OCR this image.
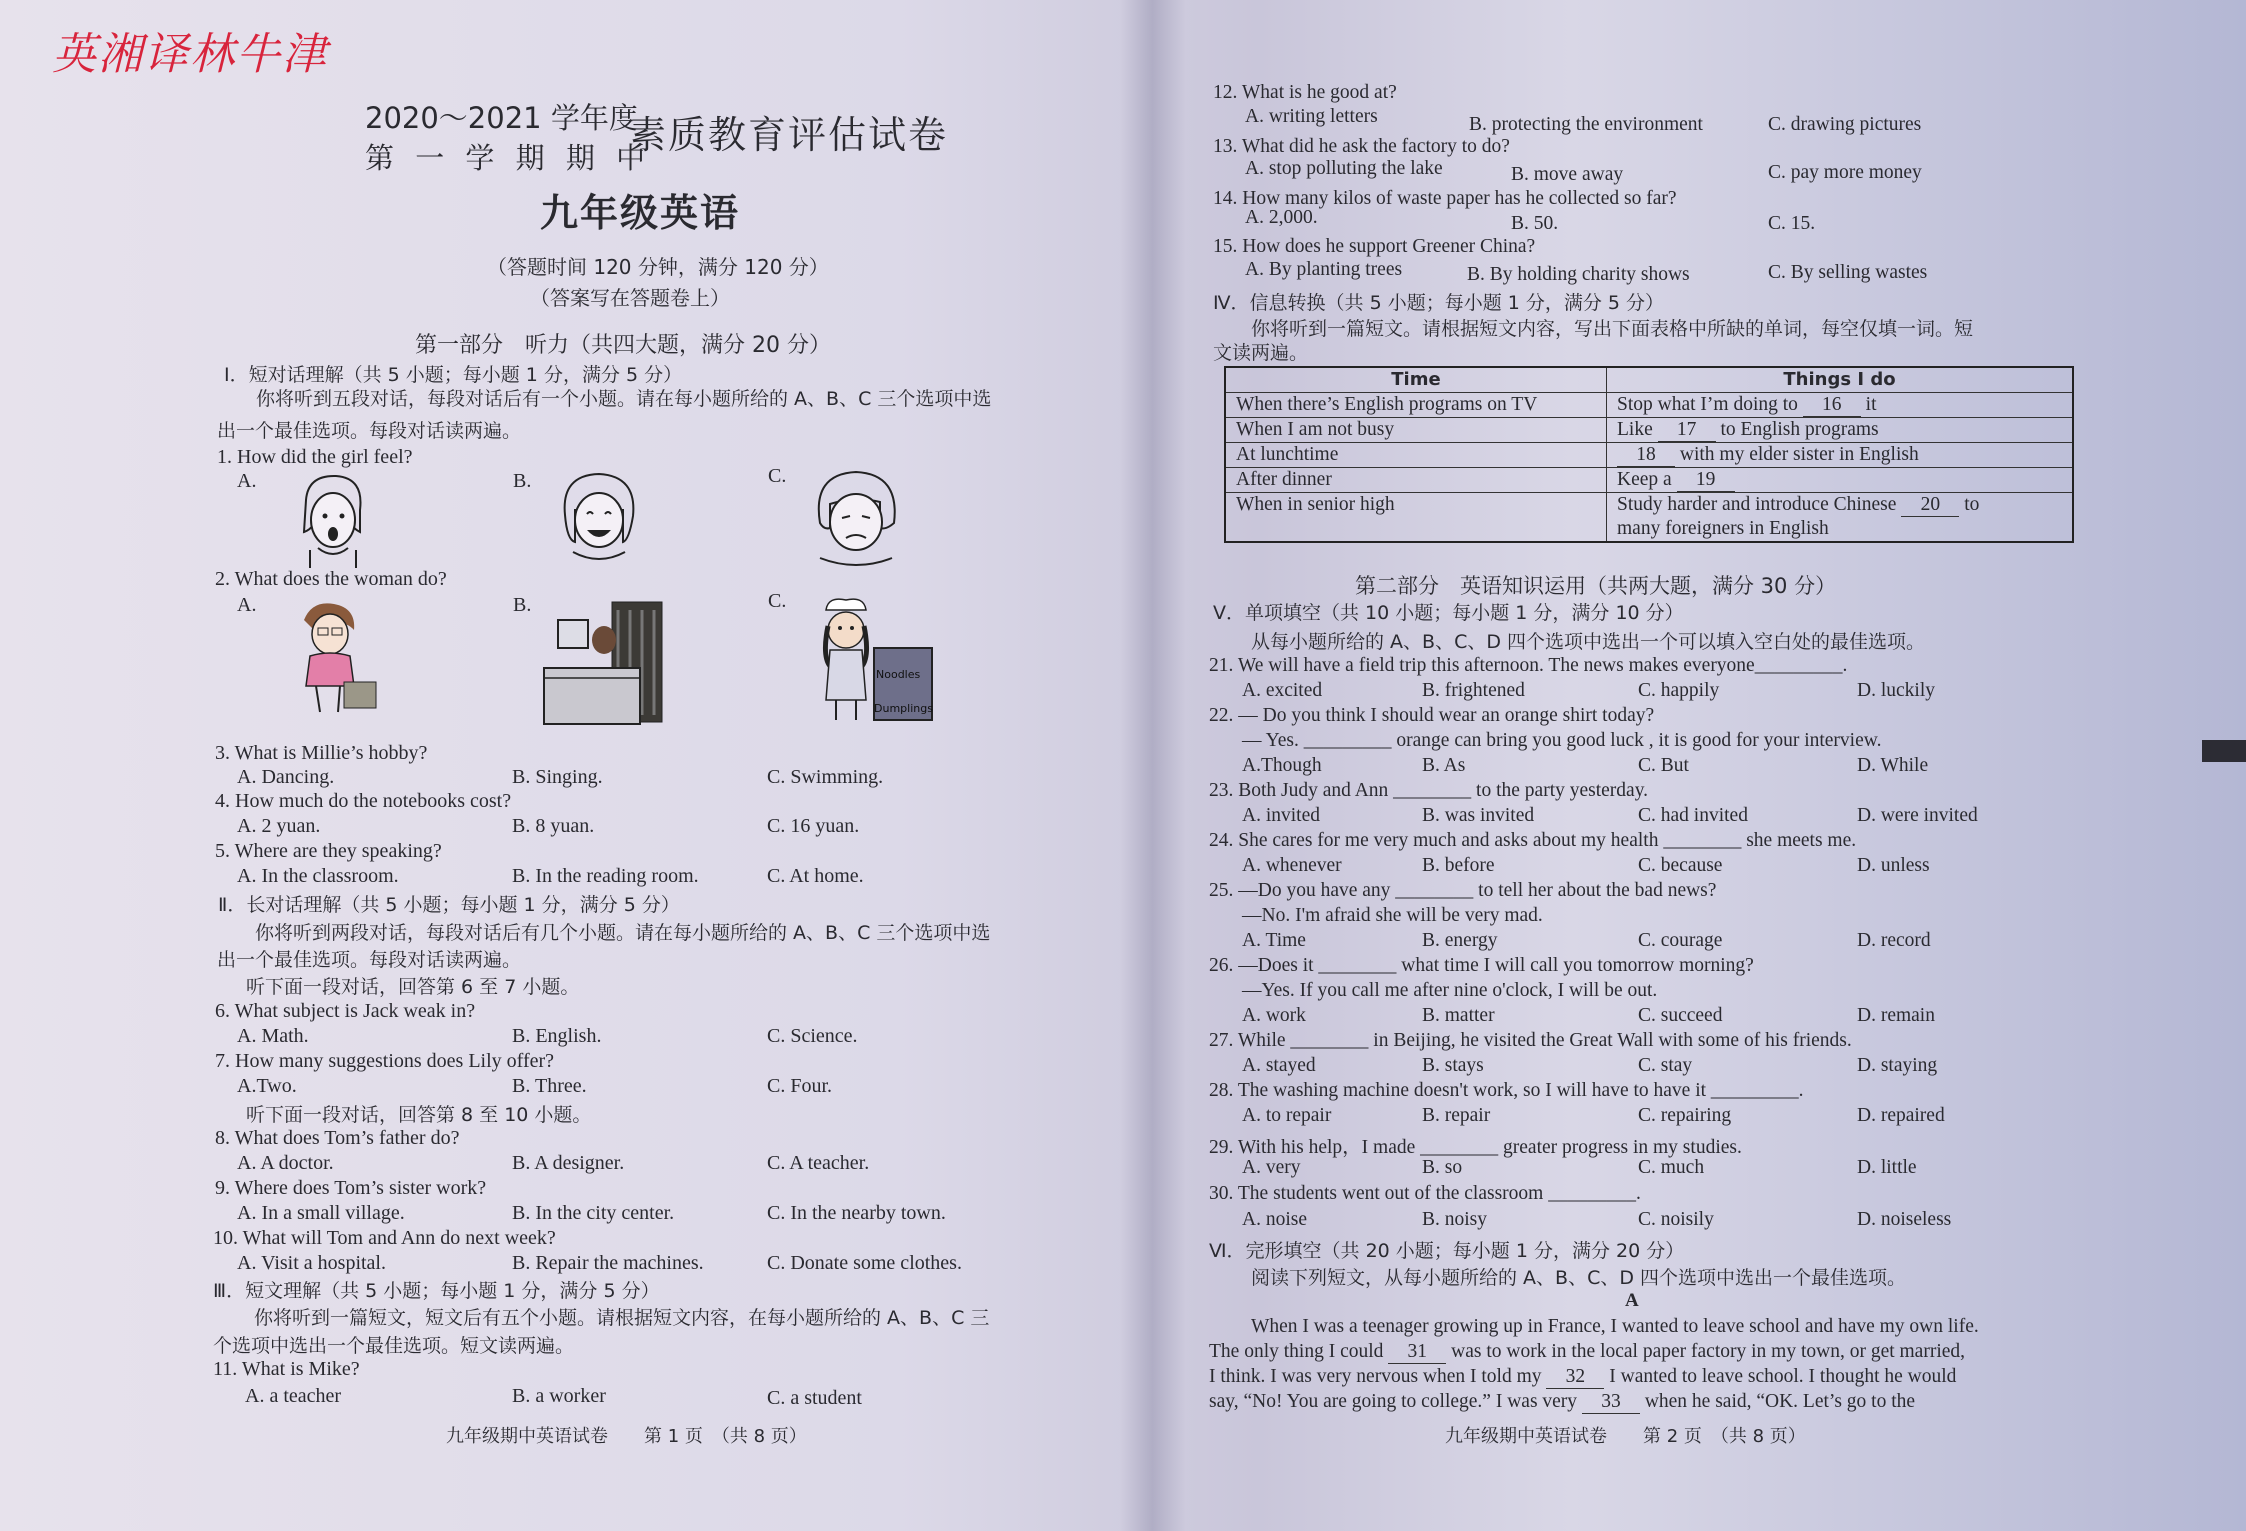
英湘译林牛津
2020～2021 学年度
第 一 学 期 期 中
素质教育评估试卷
九年级英语
（答题时间 120 分钟，满分 120 分）
（答案写在答题卷上）
第一部分　听力（共四大题，满分 20 分）
Ⅰ．短对话理解（共 5 小题；每小题 1 分，满分 5 分）
你将听到五段对话，每段对话后有一个小题。请在每小题所给的 A、B、C 三个选项中选
出一个最佳选项。每段对话读两遍。
1. How did the girl feel?
A.	B.	C.
2. What does the woman do?
A.	B.	C.
Noodles
Dumplings
3. What is Millie’s hobby?
A. Dancing.	B. Singing.	C. Swimming.
4. How much do the notebooks cost?
A. 2 yuan.	B. 8 yuan.	C. 16 yuan.
5. Where are they speaking?
A. In the classroom.	B. In the reading room.	C. At home.
Ⅱ．长对话理解（共 5 小题；每小题 1 分，满分 5 分）
你将听到两段对话，每段对话后有几个小题。请在每小题所给的 A、B、C 三个选项中选
出一个最佳选项。每段对话读两遍。
听下面一段对话，回答第 6 至 7 小题。
6. What subject is Jack weak in?
A. Math.	B. English.	C. Science.
7. How many suggestions does Lily offer?
A.Two.	B. Three.	C. Four.
听下面一段对话，回答第 8 至 10 小题。
8. What does Tom’s father do?
A. A doctor.	B. A designer.	C. A teacher.
9. Where does Tom’s sister work?
A. In a small village.	B. In the city center.	C. In the nearby town.
10. What will Tom and Ann do next week?
A. Visit a hospital.	B. Repair the machines.	C. Donate some clothes.
Ⅲ．短文理解（共 5 小题；每小题 1 分，满分 5 分）
你将听到一篇短文，短文后有五个小题。请根据短文内容，在每小题所给的 A、B、C 三
个选项中选出一个最佳选项。短文读两遍。
11. What is Mike?
A. a teacher	B. a worker	C. a student
九年级期中英语试卷　　第 1 页　（共 8 页）
12. What is he good at?
A. writing letters	B. protecting the environment	C. drawing pictures
13. What did he ask the factory to do?
A. stop polluting the lake	B. move away	C. pay more money
14. How many kilos of waste paper has he collected so far?
A. 2,000.	B. 50.	C. 15.
15. How does he support Greener China?
A. By planting trees	B. By holding charity shows	C. By selling wastes
Ⅳ．信息转换（共 5 小题；每小题 1 分，满分 5 分）
你将听到一篇短文。请根据短文内容，写出下面表格中所缺的单词，每空仅填一词。短
文读两遍。
Time	Things I do
When there’s English programs on TV	Stop what I’m doing to 16 it
When I am not busy	Like 17 to English programs
At lunchtime	18 with my elder sister in English
After dinner	Keep a 19
When in senior high	Study harder and introduce Chinese 20 to
many foreigners in English
第二部分　英语知识运用（共两大题，满分 30 分）
Ⅴ．单项填空（共 10 小题；每小题 1 分，满分 10 分）
从每小题所给的 A、B、C、D 四个选项中选出一个可以填入空白处的最佳选项。
21. We will have a field trip this afternoon. The news makes everyone_________.
A. excited	B. frightened	C. happily	D. luckily
22. — Do you think I should wear an orange shirt today?
— Yes. _________ orange can bring you good luck , it is good for your interview.
A.Though	B. As	C. But	D. While
23. Both Judy and Ann ________ to the party yesterday.
A. invited	B. was invited	C. had invited	D. were invited
24. She cares for me very much and asks about my health ________ she meets me.
A. whenever	B. before	C. because	D. unless
25. —Do you have any ________ to tell her about the bad news?
—No. I'm afraid she will be very mad.
A. Time	B. energy	C. courage	D. record
26. —Does it ________ what time I will call you tomorrow morning?
—Yes. If you call me after nine o'clock, I will be out.
A. work	B. matter	C. succeed	D. remain
27. While ________ in Beijing, he visited the Great Wall with some of his friends.
A. stayed	B. stays	C. stay	D. staying
28. The washing machine doesn't work, so I will have to have it _________.
A. to repair	B. repair	C. repairing	D. repaired
29. With his help，I made ________ greater progress in my studies.
A. very	B. so	C. much	D. little
30. The students went out of the classroom _________.
A. noise	B. noisy	C. noisily	D. noiseless
Ⅵ．完形填空（共 20 小题；每小题 1 分，满分 20 分）
阅读下列短文，从每小题所给的 A、B、C、D 四个选项中选出一个最佳选项。
A
When I was a teenager growing up in France, I wanted to leave school and have my own life.
The only thing I could 31 was to work in the local paper factory in my town, or get married,
I think. I was very nervous when I told my 32 I wanted to leave school. I thought he would
say, “No! You are going to college.” I was very 33 when he said, “OK. Let’s go to the
九年级期中英语试卷　　第 2 页　（共 8 页）
